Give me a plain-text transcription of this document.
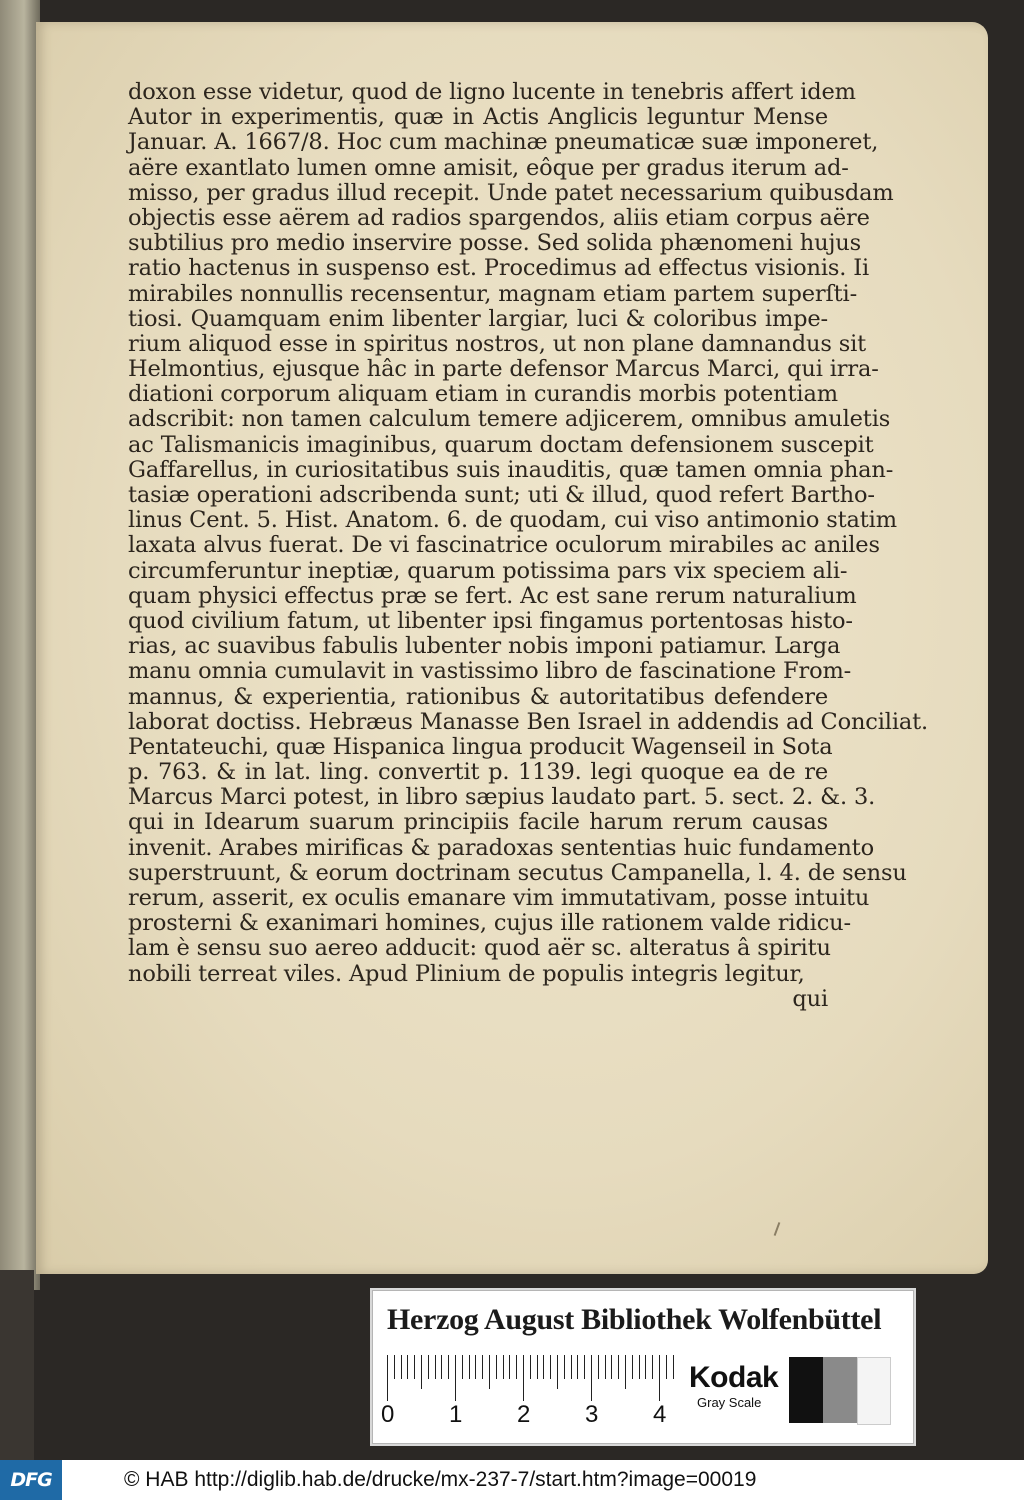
doxon esse videtur, quod de ligno lucente in tenebris affert idem
Autor in experimentis, quæ in Actis Anglicis leguntur Mense
Januar. A. 1667/8. Hoc cum machinæ pneumaticæ suæ imponeret,
aëre exantlato lumen omne amisit, eôque per gradus iterum ad-
misso, per gradus illud recepit. Unde patet necessarium quibusdam
objectis esse aërem ad radios spargendos, aliis etiam corpus aëre
subtilius pro medio inservire posse. Sed solida phænomeni hujus
ratio hactenus in suspenso est. Procedimus ad effectus visionis. Ii
mirabiles nonnullis recensentur, magnam etiam partem superſti-
tiosi. Quamquam enim libenter largiar, luci & coloribus impe-
rium aliquod esse in spiritus nostros, ut non plane damnandus sit
Helmontius, ejusque hâc in parte defensor Marcus Marci, qui irra-
diationi corporum aliquam etiam in curandis morbis potentiam
adscribit: non tamen calculum temere adjicerem, omnibus amuletis
ac Talismanicis imaginibus, quarum doctam defensionem suscepit
Gaffarellus, in curiositatibus suis inauditis, quæ tamen omnia phan-
tasiæ operationi adscribenda sunt; uti & illud, quod refert Bartho-
linus Cent. 5. Hist. Anatom. 6. de quodam, cui viso antimonio statim
laxata alvus fuerat. De vi fascinatrice oculorum mirabiles ac aniles
circumferuntur ineptiæ, quarum potissima pars vix speciem ali-
quam physici effectus præ se fert. Ac est sane rerum naturalium
quod civilium fatum, ut libenter ipsi fingamus portentosas histo-
rias, ac suavibus fabulis lubenter nobis imponi patiamur. Larga
manu omnia cumulavit in vastissimo libro de fascinatione From-
mannus, & experientia, rationibus & autoritatibus defendere
laborat doctiss. Hebræus Manasse Ben Israel in addendis ad Conciliat.
Pentateuchi, quæ Hispanica lingua producit Wagenseil in Sota
p. 763. & in lat. ling. convertit p. 1139. legi quoque ea de re
Marcus Marci potest, in libro sæpius laudato part. 5. sect. 2. &. 3.
qui in Idearum suarum principiis facile harum rerum causas
invenit. Arabes mirificas & paradoxas sententias huic fundamento
superstruunt, & eorum doctrinam secutus Campanella, l. 4. de sensu
rerum, asserit, ex oculis emanare vim immutativam, posse intuitu
prosterni & exanimari homines, cujus ille rationem valde ridicu-
lam è sensu suo aereo adducit: quod aër sc. alteratus â spiritu
nobili terreat viles. Apud Plinium de populis integris legitur,
qui
Herzog August Bibliothek Wolfenbüttel
0 1 2 3 4
Kodak
Gray Scale
DFG	© HAB http://diglib.hab.de/drucke/mx-237-7/start.htm?image=00019
